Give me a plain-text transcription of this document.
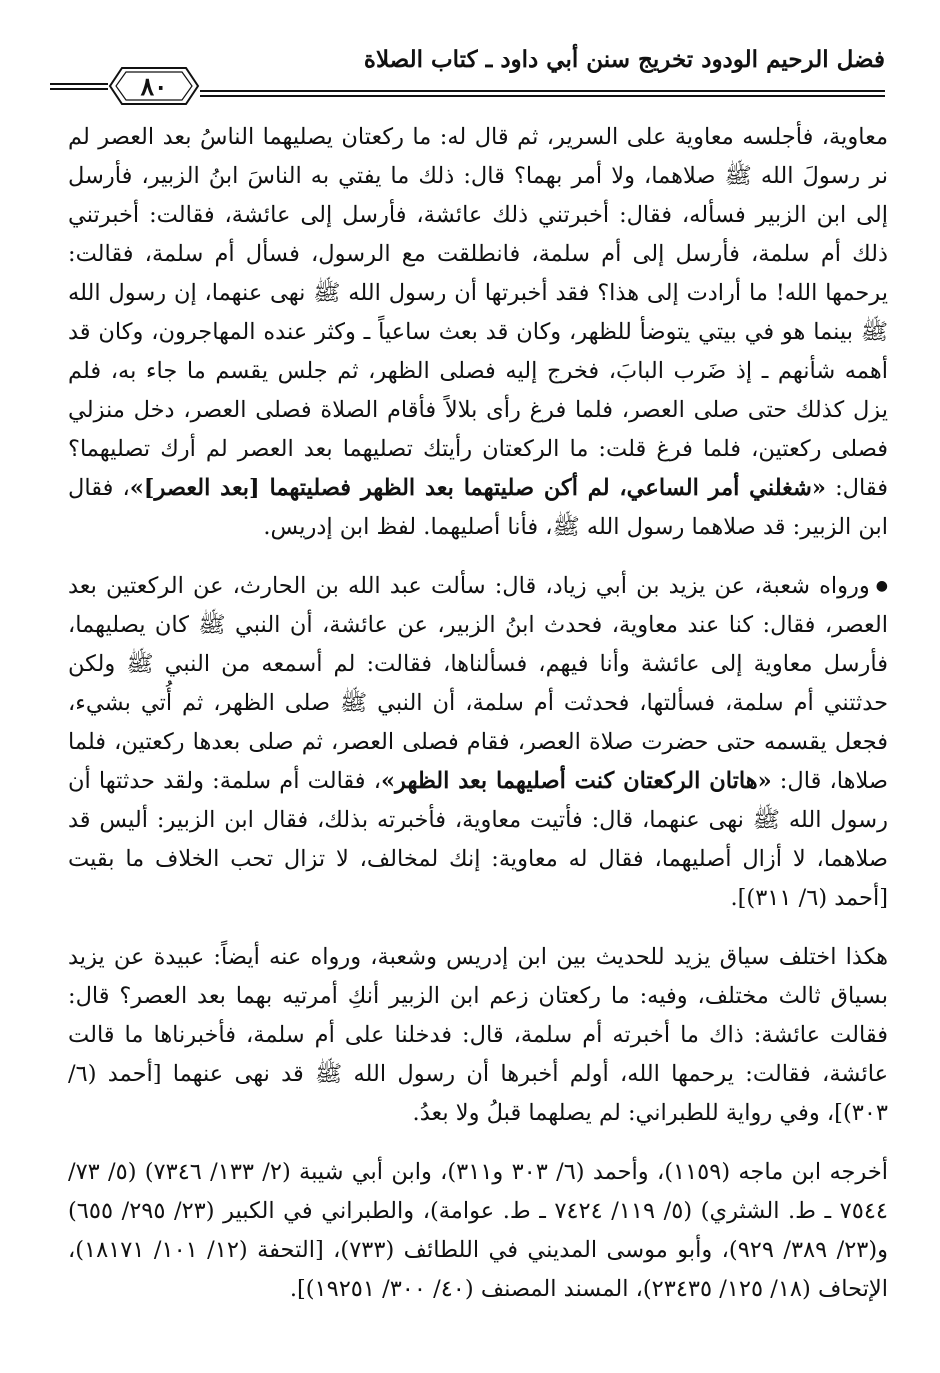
فضل الرحيم الودود تخريج سنن أبي داود ـ كتاب الصلاة
٨٠

معاوية، فأجلسه معاوية على السرير، ثم قال له: ما ركعتان يصليهما الناسُ بعد العصر لم نر رسولَ الله ﷺ صلاهما، ولا أمر بهما؟ قال: ذلك ما يفتي به الناسَ ابنُ الزبير، فأرسل إلى ابن الزبير فسأله، فقال: أخبرتني ذلك عائشة، فأرسل إلى عائشة، فقالت: أخبرتني ذلك أم سلمة، فأرسل إلى أم سلمة، فانطلقت مع الرسول، فسأل أم سلمة، فقالت: يرحمها الله! ما أرادت إلى هذا؟ فقد أخبرتها أن رسول الله ﷺ نهى عنهما، إن رسول الله ﷺ بينما هو في بيتي يتوضأ للظهر، وكان قد بعث ساعياً ـ وكثر عنده المهاجرون، وكان قد أهمه شأنهم ـ إذ ضَرب البابَ، فخرج إليه فصلى الظهر، ثم جلس يقسم ما جاء به، فلم يزل كذلك حتى صلى العصر، فلما فرغ رأى بلالاً فأقام الصلاة فصلى العصر، دخل منزلي فصلى ركعتين، فلما فرغ قلت: ما الركعتان رأيتك تصليهما بعد العصر لم أرك تصليهما؟ فقال: «شغلني أمر الساعي، لم أكن صليتهما بعد الظهر فصليتهما [بعد العصر]»، فقال ابن الزبير: قد صلاهما رسول الله ﷺ، فأنا أصليهما. لفظ ابن إدريس.

●ورواه شعبة، عن يزيد بن أبي زياد، قال: سألت عبد الله بن الحارث، عن الركعتين بعد العصر، فقال: كنا عند معاوية، فحدث ابنُ الزبير، عن عائشة، أن النبي ﷺ كان يصليهما، فأرسل معاوية إلى عائشة وأنا فيهم، فسألناها، فقالت: لم أسمعه من النبي ﷺ ولكن حدثتني أم سلمة، فسألتها، فحدثت أم سلمة، أن النبي ﷺ صلى الظهر، ثم أُتي بشيء، فجعل يقسمه حتى حضرت صلاة العصر، فقام فصلى العصر، ثم صلى بعدها ركعتين، فلما صلاها، قال: «هاتان الركعتان كنت أصليهما بعد الظهر»، فقالت أم سلمة: ولقد حدثتها أن رسول الله ﷺ نهى عنهما، قال: فأتيت معاوية، فأخبرته بذلك، فقال ابن الزبير: أليس قد صلاهما، لا أزال أصليهما، فقال له معاوية: إنك لمخالف، لا تزال تحب الخلاف ما بقيت [أحمد (٦/ ٣١١)].

هكذا اختلف سياق يزيد للحديث بين ابن إدريس وشعبة، ورواه عنه أيضاً: عبيدة عن يزيد بسياق ثالث مختلف، وفيه: ما ركعتان زعم ابن الزبير أنكِ أمرتيه بهما بعد العصر؟ قال: فقالت عائشة: ذاك ما أخبرته أم سلمة، قال: فدخلنا على أم سلمة، فأخبرناها ما قالت عائشة، فقالت: يرحمها الله، أولم أخبرها أن رسول الله ﷺ قد نهى عنهما [أحمد (٦/ ٣٠٣)]، وفي رواية للطبراني: لم يصلهما قبلُ ولا بعدُ.

أخرجه ابن ماجه (١١٥٩)، وأحمد (٦/ ٣٠٣ و٣١١)، وابن أبي شيبة (٢/ ١٣٣/ ٧٣٤٦) (٥/ ٧٣/ ٧٥٤٤ ـ ط. الشثري) (٥/ ١١٩/ ٧٤٢٤ ـ ط. عوامة)، والطبراني في الكبير (٢٣/ ٢٩٥/ ٦٥٥) و(٢٣/ ٣٨٩/ ٩٢٩)، وأبو موسى المديني في اللطائف (٧٣٣)، [التحفة (١٢/ ١٠١/ ١٨١٧١)، الإتحاف (١٨/ ١٢٥/ ٢٣٤٣٥)، المسند المصنف (٤٠/ ٣٠٠/ ١٩٢٥١)].
